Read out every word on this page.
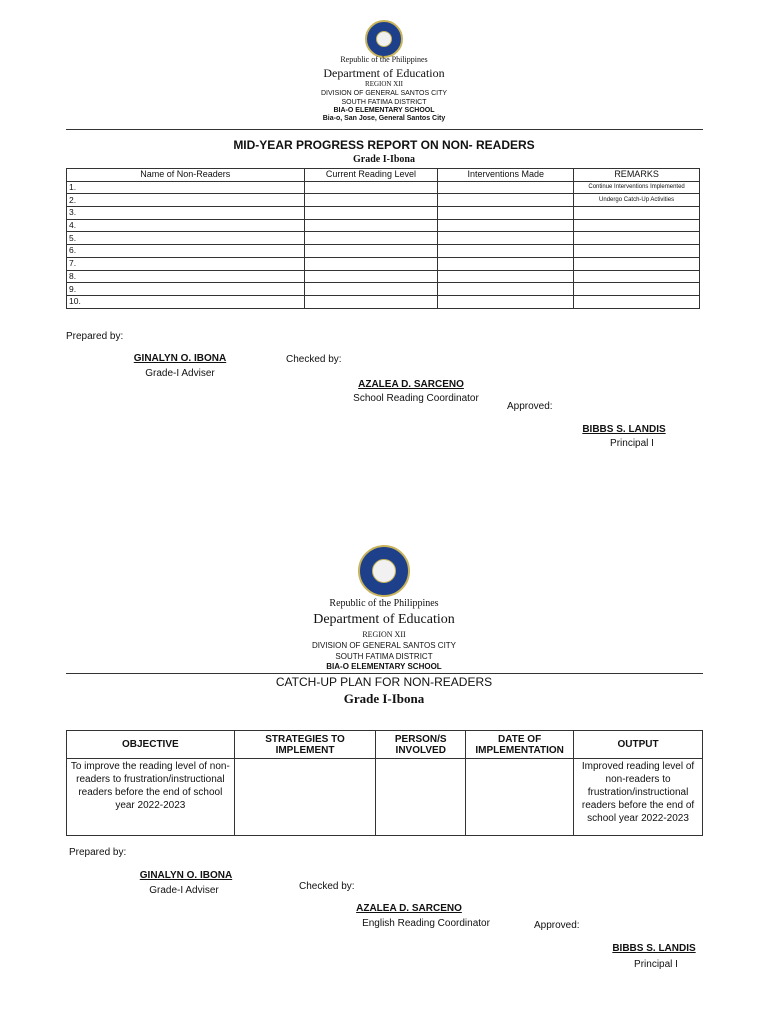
Republic of the Philippines
Department of Education
REGION XII
DIVISION OF GENERAL SANTOS CITY
SOUTH FATIMA DISTRICT
BIA-O ELEMENTARY SCHOOL
Bia-o, San Jose, General Santos City
MID-YEAR PROGRESS REPORT ON NON- READERS
Grade I-Ibona
Name of Non-Readers	Current Reading Level	Interventions Made	REMARKS
1.			Continue Interventions Implemented
2.			Undergo Catch-Up Activities
3.			
4.			
5.			
6.			
7.			
8.			
9.			
10.			
Prepared by:
GINALYN O. IBONA
Grade-I Adviser
Checked by:
AZALEA D. SARCENO
School Reading Coordinator
Approved:
BIBBS S. LANDIS
Principal I
Republic of the Philippines
Department of Education
REGION XII
DIVISION OF GENERAL SANTOS CITY
SOUTH FATIMA DISTRICT
BIA-O ELEMENTARY SCHOOL
CATCH-UP PLAN FOR NON-READERS
Grade I-Ibona
OBJECTIVE	STRATEGIES TO IMPLEMENT	PERSON/S INVOLVED	DATE OF IMPLEMENTATION	OUTPUT
To improve the reading level of non-readers to frustration/instructional readers before the end of school year 2022-2023				Improved reading level of non-readers to frustration/instructional readers before the end of school year 2022-2023
Prepared by:
GINALYN O. IBONA
Grade-I Adviser	Checked by:
AZALEA D. SARCENO
English Reading Coordinator	Approved:
BIBBS S. LANDIS
Principal I
